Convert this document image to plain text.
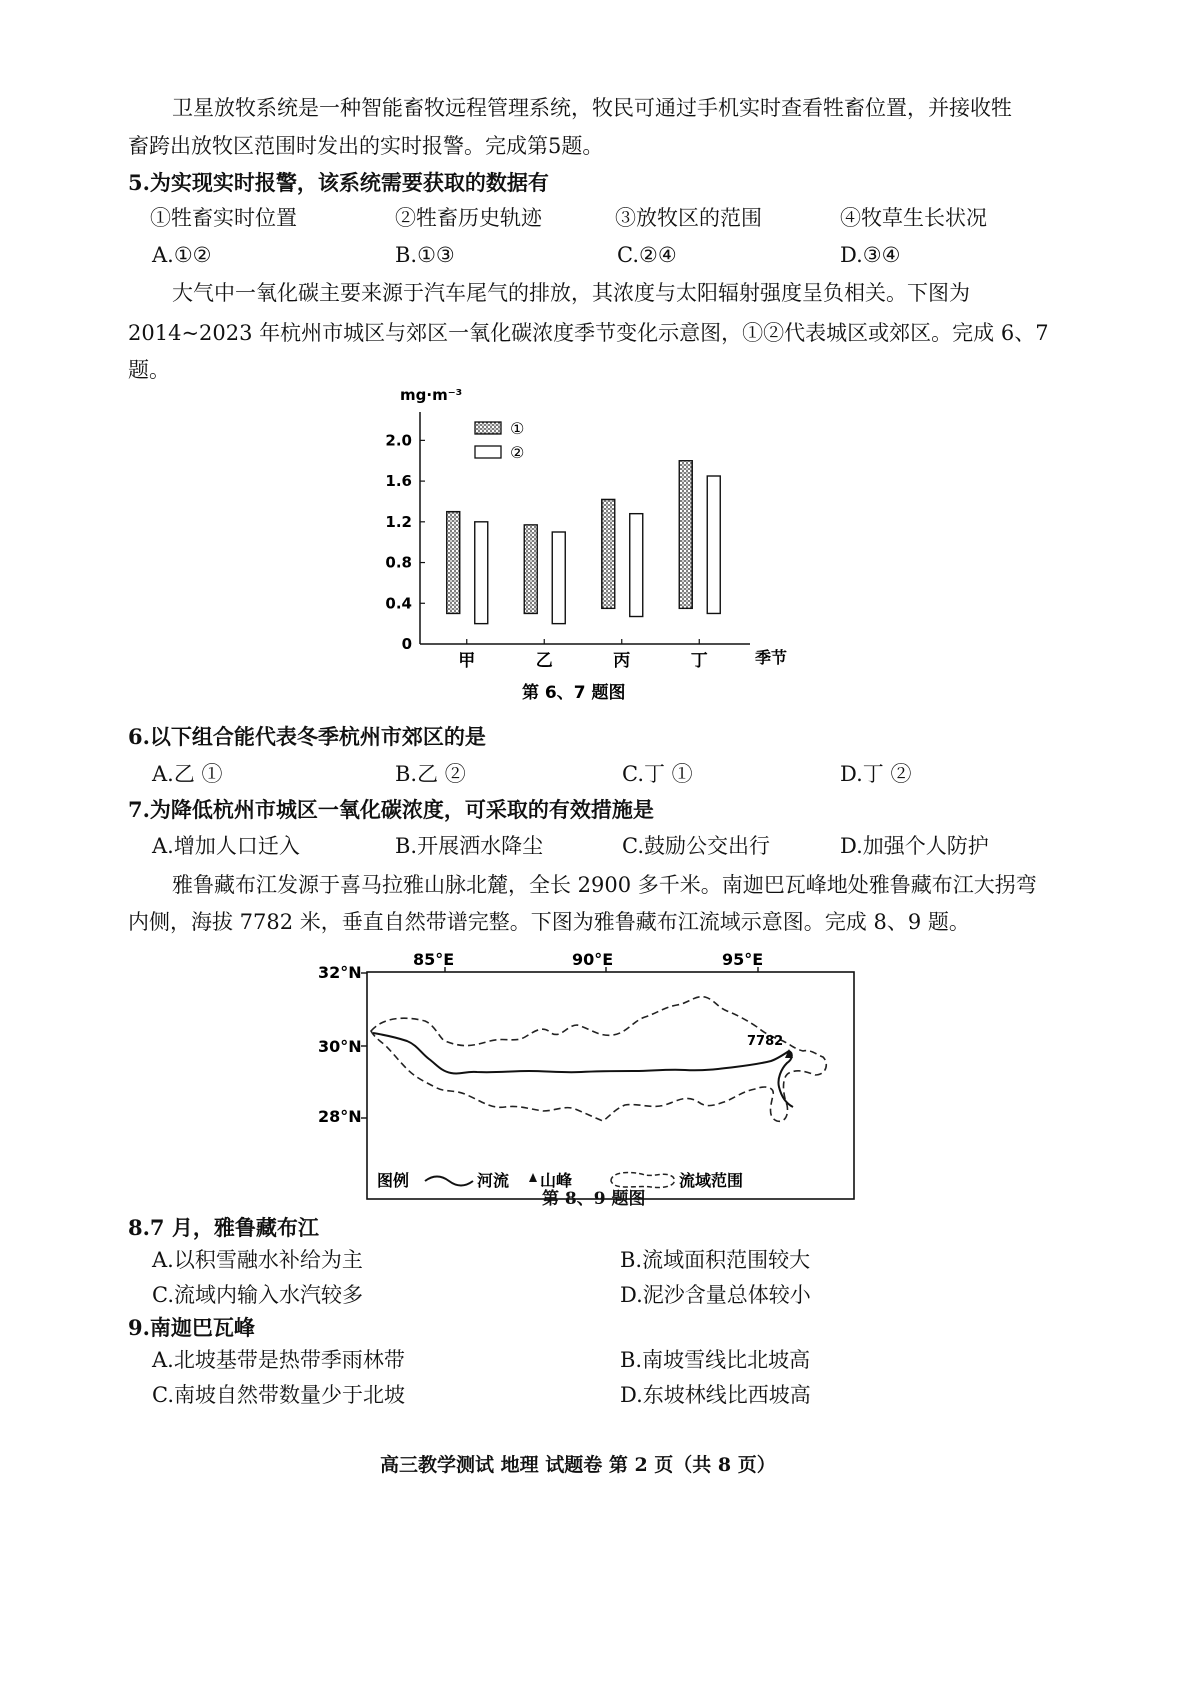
卫星放牧系统是一种智能畜牧远程管理系统，牧民可通过手机实时查看牲畜位置，并接收牲
畜跨出放牧区范围时发出的实时报警。完成第5题。
5.为实现实时报警，该系统需要获取的数据有
①牲畜实时位置	②牲畜历史轨迹	③放牧区的范围	④牧草生长状况
A.①②	B.①③	C.②④	D.③④
大气中一氧化碳主要来源于汽车尾气的排放，其浓度与太阳辐射强度呈负相关。下图为
2014~2023 年杭州市城区与郊区一氧化碳浓度季节变化示意图，①②代表城区或郊区。完成 6、7
题。
mg·m⁻³
季节
0
0.4
0.8
1.2
1.6
2.0
甲	乙	丙	丁
①
②
第 6、7 题图
6.以下组合能代表冬季杭州市郊区的是
A.乙 ①	B.乙 ②	C.丁 ①	D.丁 ②
7.为降低杭州市城区一氧化碳浓度，可采取的有效措施是
A.增加人口迁入	B.开展洒水降尘	C.鼓励公交出行	D.加强个人防护
雅鲁藏布江发源于喜马拉雅山脉北麓，全长 2900 多千米。南迦巴瓦峰地处雅鲁藏布江大拐弯
内侧，海拔 7782 米，垂直自然带谱完整。下图为雅鲁藏布江流域示意图。完成 8、9 题。
85°E	90°E	95°E
32°N
30°N
28°N
7782
图例	河流 山峰	流域范围
第 8、9 题图
8.7 月，雅鲁藏布江
A.以积雪融水补给为主	B.流域面积范围较大
C.流域内输入水汽较多	D.泥沙含量总体较小
9.南迦巴瓦峰
A.北坡基带是热带季雨林带	B.南坡雪线比北坡高
C.南坡自然带数量少于北坡	D.东坡林线比西坡高
高三教学测试 地理 试题卷 第 2 页（共 8 页）
